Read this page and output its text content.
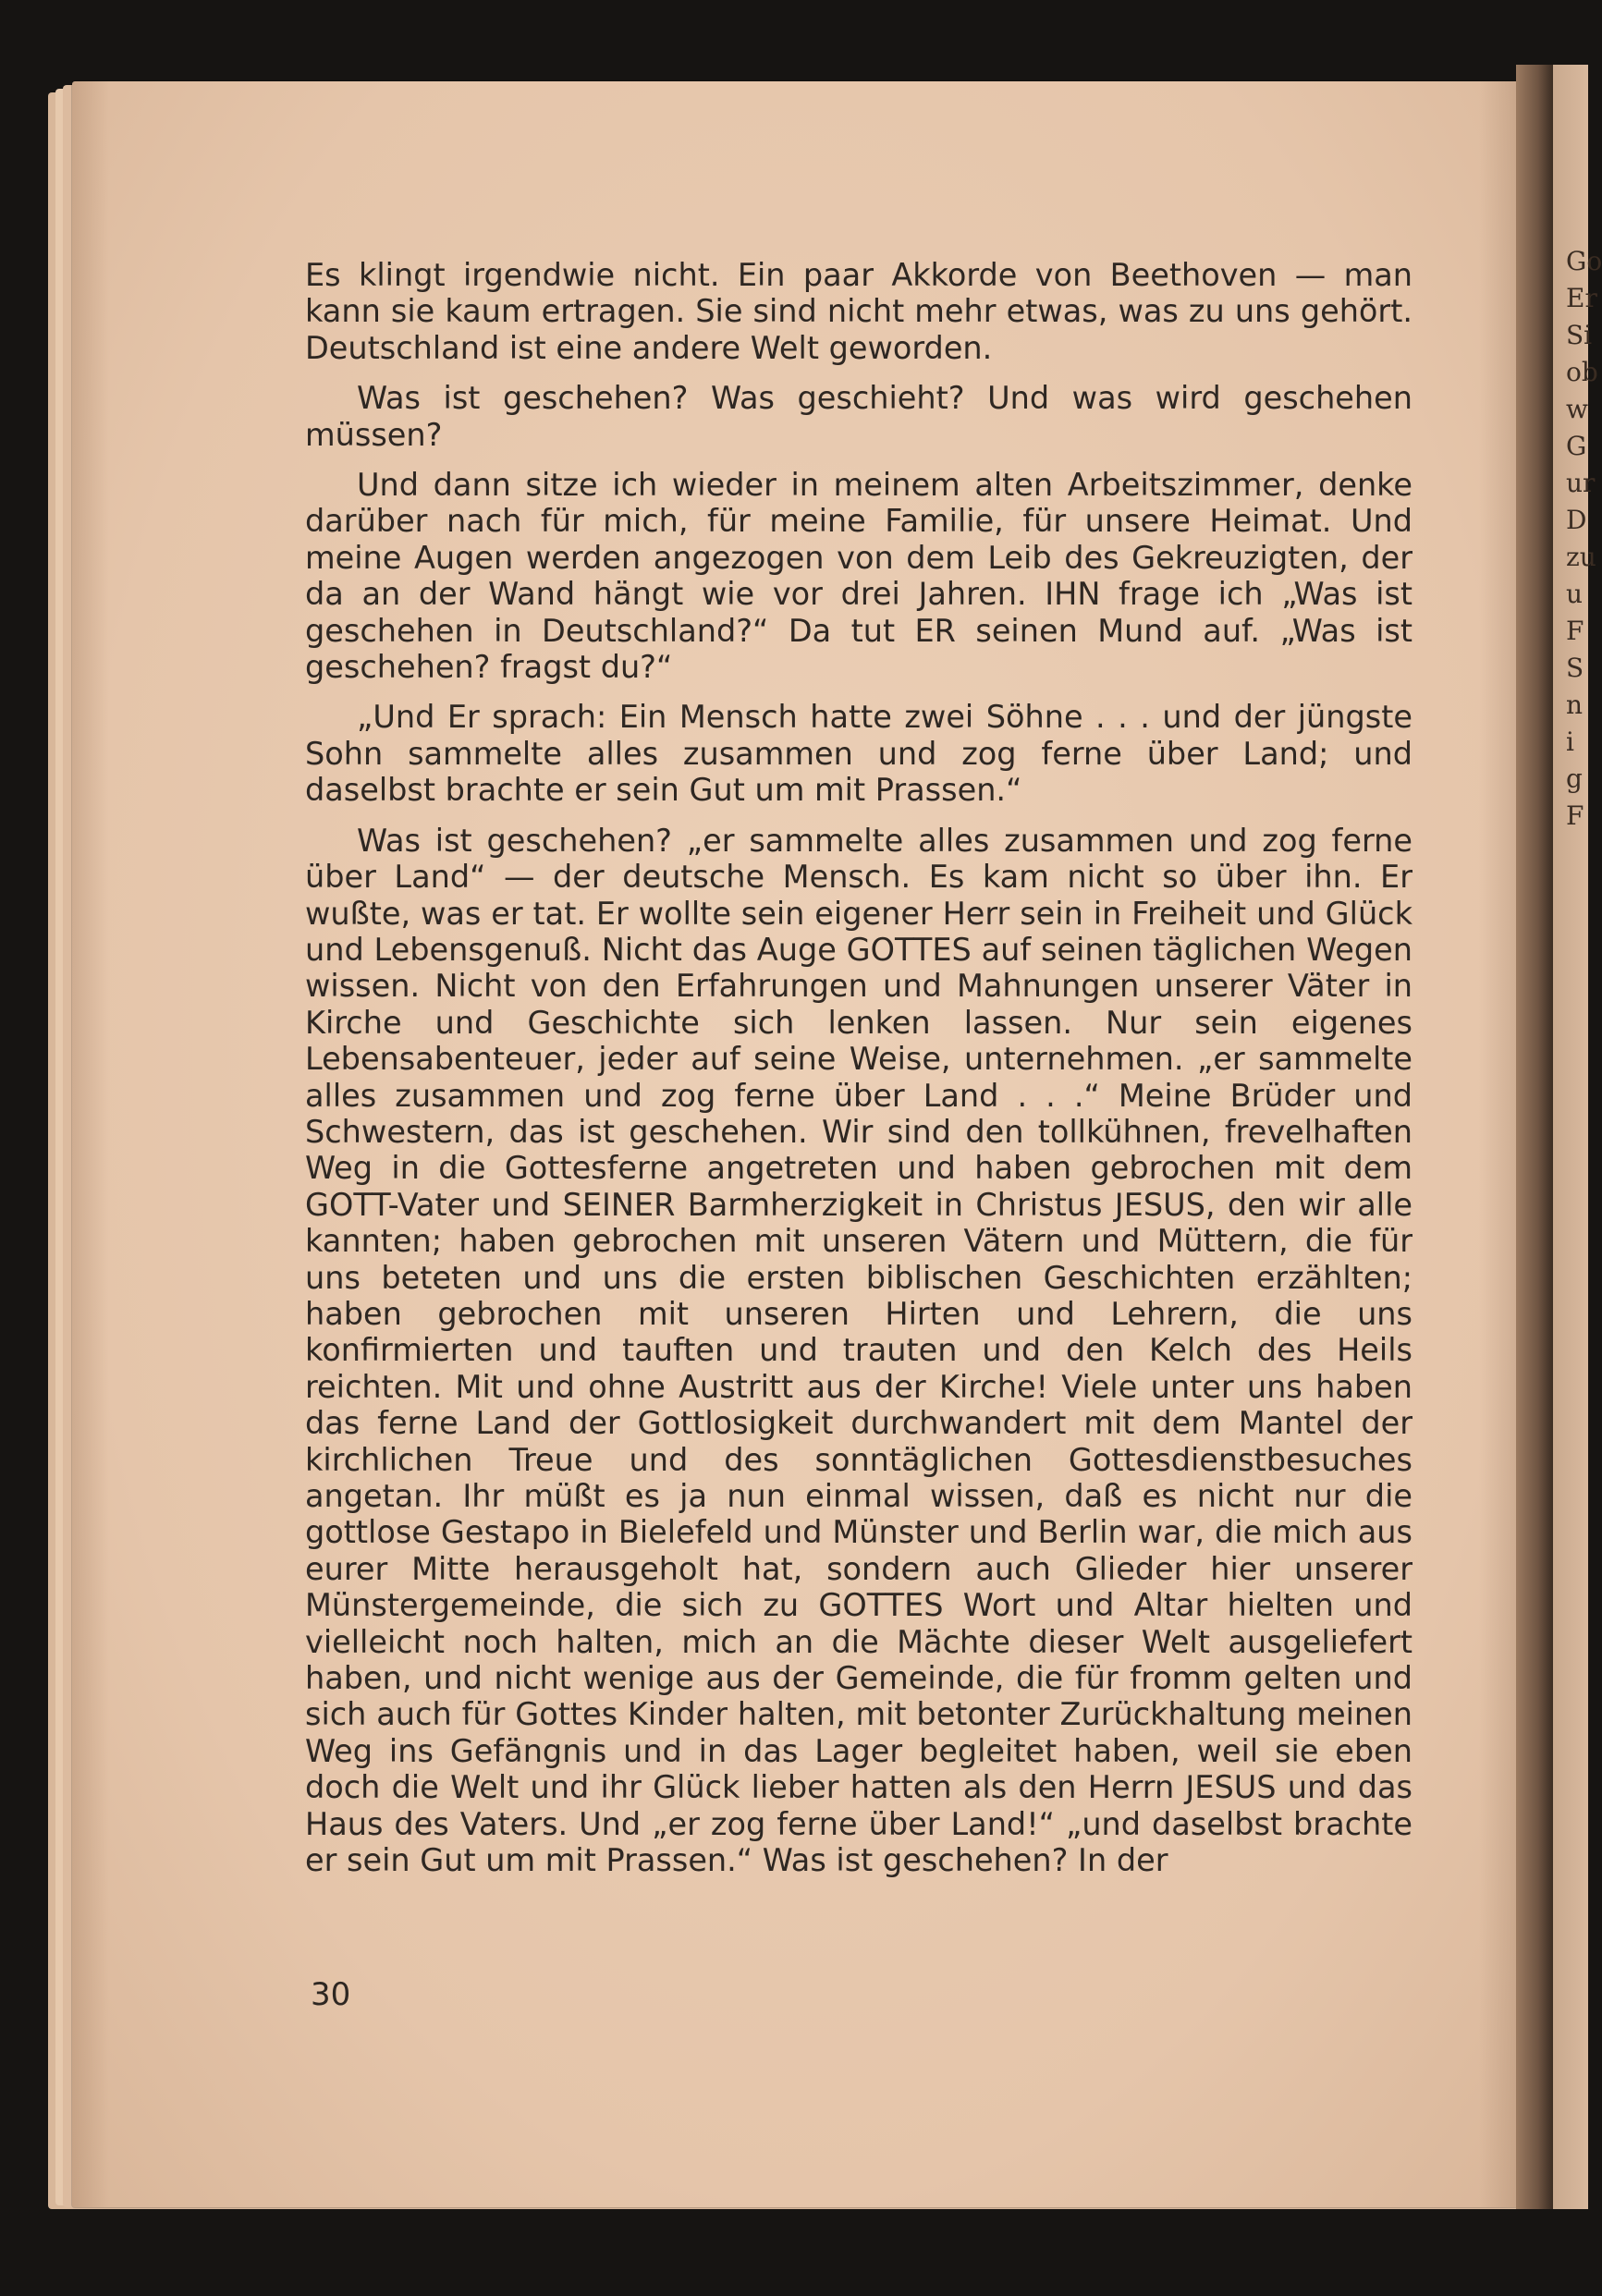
Go
Er
Si
ob
w
G
ur
D
zu
u
F
S
n
i
g
F

Es klingt irgendwie nicht. Ein paar Akkorde von Beethoven — man kann sie kaum ertragen. Sie sind nicht mehr etwas, was zu uns gehört. Deutschland ist eine andere Welt geworden.

Was ist geschehen? Was geschieht? Und was wird geschehen müssen?

Und dann sitze ich wieder in meinem alten Arbeitszimmer, denke darüber nach für mich, für meine Familie, für unsere Heimat. Und meine Augen werden angezogen von dem Leib des Gekreuzigten, der da an der Wand hängt wie vor drei Jahren. IHN frage ich „Was ist geschehen in Deutschland?“ Da tut ER seinen Mund auf. „Was ist geschehen? fragst du?“

„Und Er sprach: Ein Mensch hatte zwei Söhne . . . und der jüngste Sohn sammelte alles zusammen und zog ferne über Land; und daselbst brachte er sein Gut um mit Prassen.“

Was ist geschehen? „er sammelte alles zusammen und zog ferne über Land“ — der deutsche Mensch. Es kam nicht so über ihn. Er wußte, was er tat. Er wollte sein eigener Herr sein in Freiheit und Glück und Lebensgenuß. Nicht das Auge GOTTES auf seinen täglichen Wegen wissen. Nicht von den Erfahrungen und Mahnungen unserer Väter in Kirche und Geschichte sich lenken lassen. Nur sein eigenes Lebensabenteuer, jeder auf seine Weise, unternehmen. „er sammelte alles zusammen und zog ferne über Land . . .“ Meine Brüder und Schwestern, das ist geschehen. Wir sind den tollkühnen, frevelhaften Weg in die Gottesferne angetreten und haben gebrochen mit dem GOTT-Vater und SEINER Barmherzigkeit in Christus JESUS, den wir alle kannten; haben gebrochen mit unseren Vätern und Müttern, die für uns beteten und uns die ersten biblischen Geschichten erzählten; haben gebrochen mit unseren Hirten und Lehrern, die uns konfirmierten und tauften und trauten und den Kelch des Heils reichten. Mit und ohne Austritt aus der Kirche! Viele unter uns haben das ferne Land der Gottlosigkeit durchwandert mit dem Mantel der kirchlichen Treue und des sonntäglichen Gottesdienstbesuches angetan. Ihr müßt es ja nun einmal wissen, daß es nicht nur die gottlose Gestapo in Bielefeld und Münster und Berlin war, die mich aus eurer Mitte herausgeholt hat, sondern auch Glieder hier unserer Münstergemeinde, die sich zu GOTTES Wort und Altar hielten und vielleicht noch halten, mich an die Mächte dieser Welt ausgeliefert haben, und nicht wenige aus der Gemeinde, die für fromm gelten und sich auch für Gottes Kinder halten, mit betonter Zurückhaltung meinen Weg ins Gefängnis und in das Lager begleitet haben, weil sie eben doch die Welt und ihr Glück lieber hatten als den Herrn JESUS und das Haus des Vaters. Und „er zog ferne über Land!“ „und daselbst brachte er sein Gut um mit Prassen.“ Was ist geschehen? In der

30
